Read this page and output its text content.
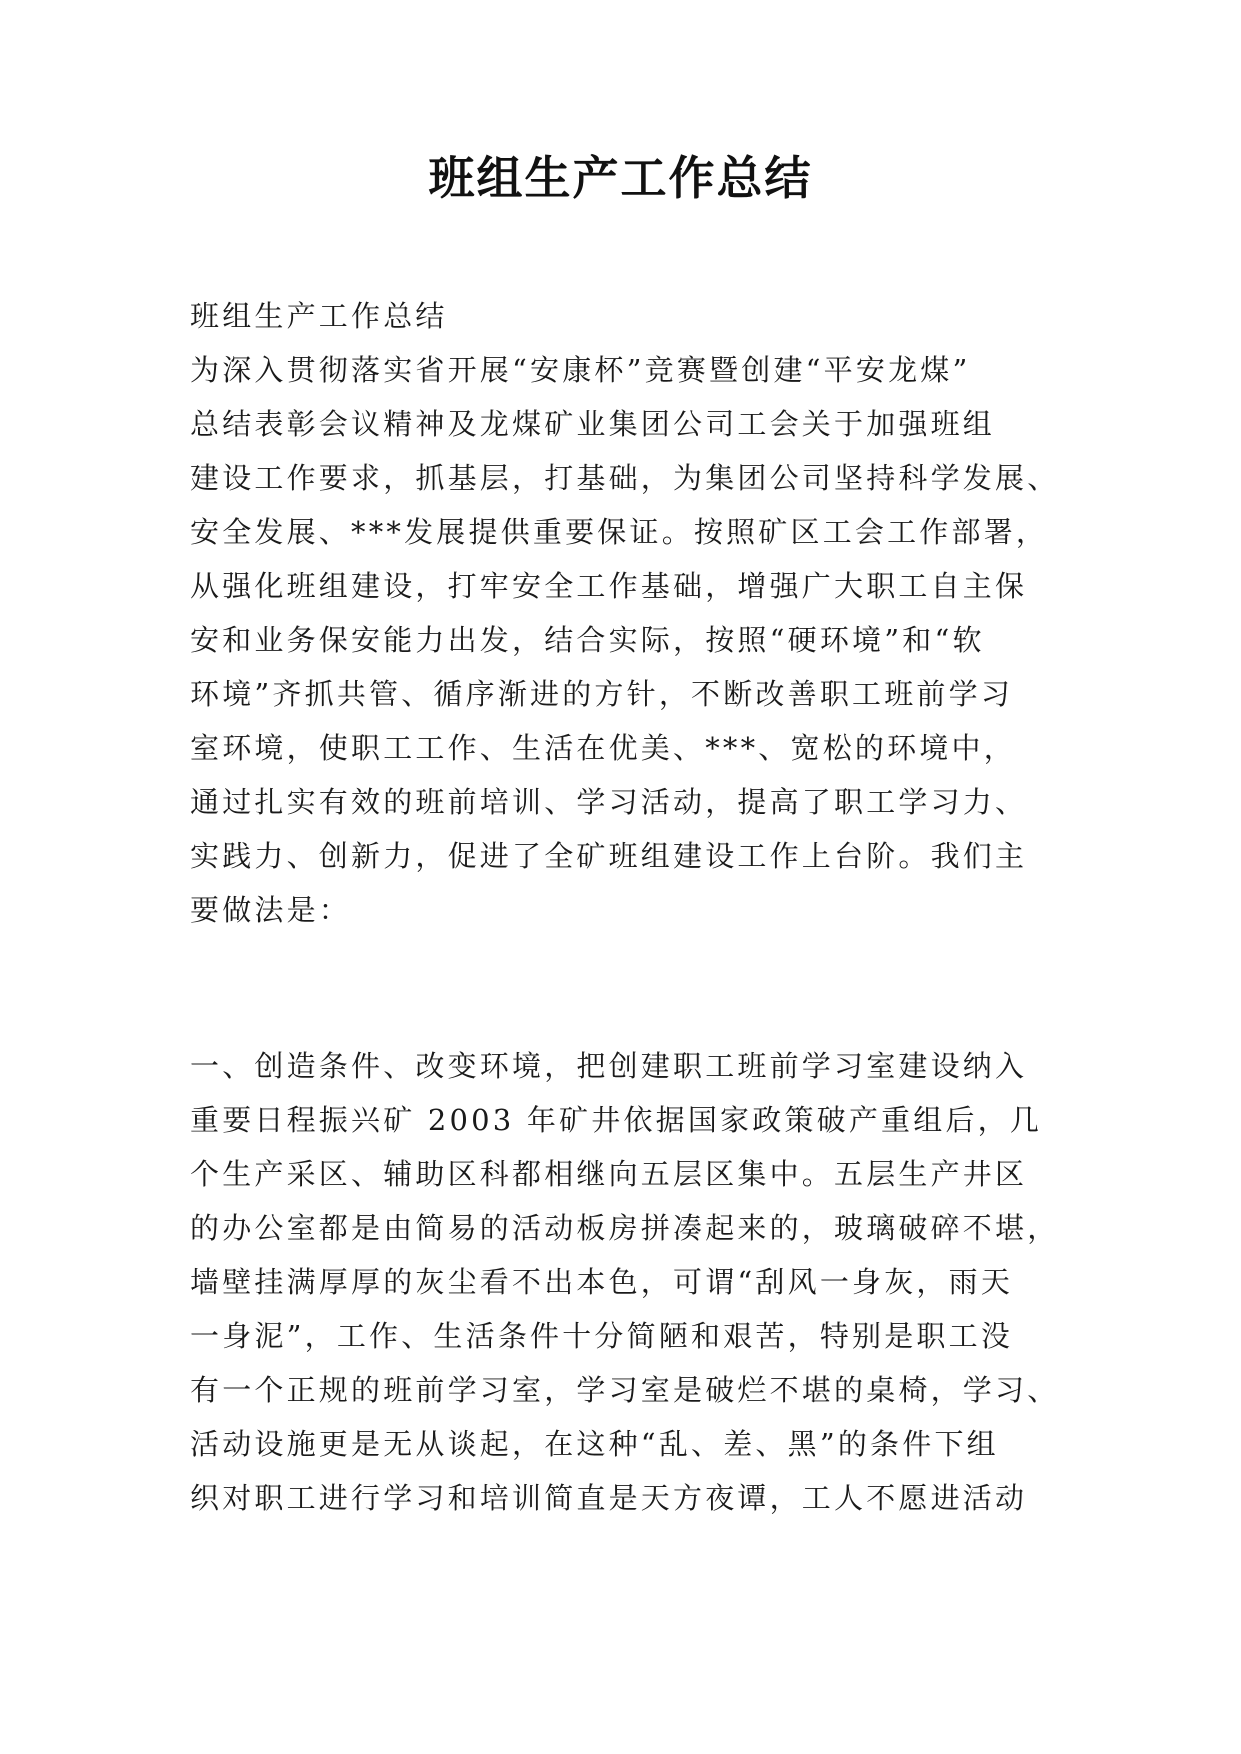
班组生产工作总结
班组生产工作总结
为深入贯彻落实省开展“安康杯”竞赛暨创建“平安龙煤”
总结表彰会议精神及龙煤矿业集团公司工会关于加强班组
建设工作要求，抓基层，打基础，为集团公司坚持科学发展、
安全发展、***发展提供重要保证。按照矿区工会工作部署，
从强化班组建设，打牢安全工作基础，增强广大职工自主保
安和业务保安能力出发，结合实际，按照“硬环境”和“软
环境”齐抓共管、循序渐进的方针，不断改善职工班前学习
室环境，使职工工作、生活在优美、***、宽松的环境中，
通过扎实有效的班前培训、学习活动，提高了职工学习力、
实践力、创新力，促进了全矿班组建设工作上台阶。我们主
要做法是：
一、创造条件、改变环境，把创建职工班前学习室建设纳入
重要日程振兴矿 2003 年矿井依据国家政策破产重组后，几
个生产采区、辅助区科都相继向五层区集中。五层生产井区
的办公室都是由简易的活动板房拼凑起来的，玻璃破碎不堪，
墙壁挂满厚厚的灰尘看不出本色，可谓“刮风一身灰，雨天
一身泥”，工作、生活条件十分简陋和艰苦，特别是职工没
有一个正规的班前学习室，学习室是破烂不堪的桌椅，学习、
活动设施更是无从谈起，在这种“乱、差、黑”的条件下组
织对职工进行学习和培训简直是天方夜谭，工人不愿进活动
